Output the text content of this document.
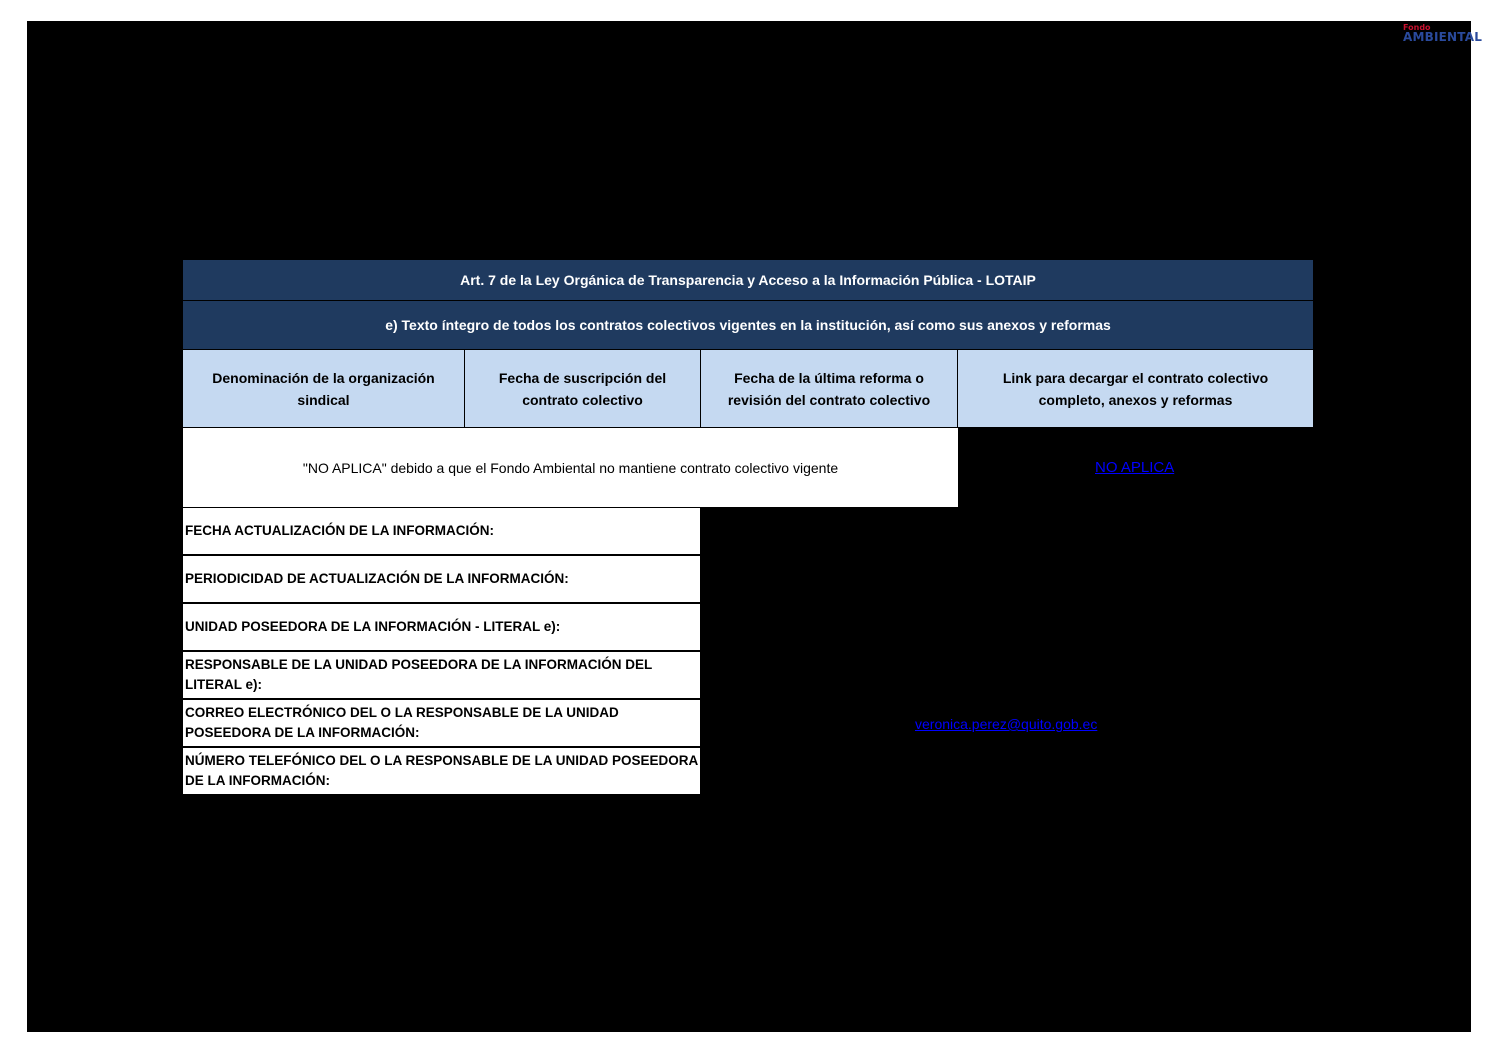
Fondo
AMBIENTAL
Art. 7 de la Ley Orgánica de Transparencia y Acceso a la Información Pública - LOTAIP
e) Texto íntegro de todos los contratos colectivos vigentes en la institución, así como sus anexos y reformas
Denominación de la organización sindical
Fecha de suscripción del contrato colectivo
Fecha de la última reforma o revisión del contrato colectivo
Link para decargar el contrato colectivo completo, anexos y reformas
"NO APLICA" debido a que el Fondo Ambiental no mantiene contrato colectivo vigente	NO APLICA
FECHA ACTUALIZACIÓN DE LA INFORMACIÓN:
PERIODICIDAD DE ACTUALIZACIÓN DE LA INFORMACIÓN:
UNIDAD POSEEDORA DE LA INFORMACIÓN - LITERAL e):
RESPONSABLE DE LA UNIDAD POSEEDORA DE LA INFORMACIÓN DEL LITERAL e):
CORREO ELECTRÓNICO DEL O LA RESPONSABLE DE LA UNIDAD POSEEDORA DE LA INFORMACIÓN:
NÚMERO TELEFÓNICO DEL O LA RESPONSABLE DE LA UNIDAD POSEEDORA DE LA INFORMACIÓN:
veronica.perez@quito.gob.ec
